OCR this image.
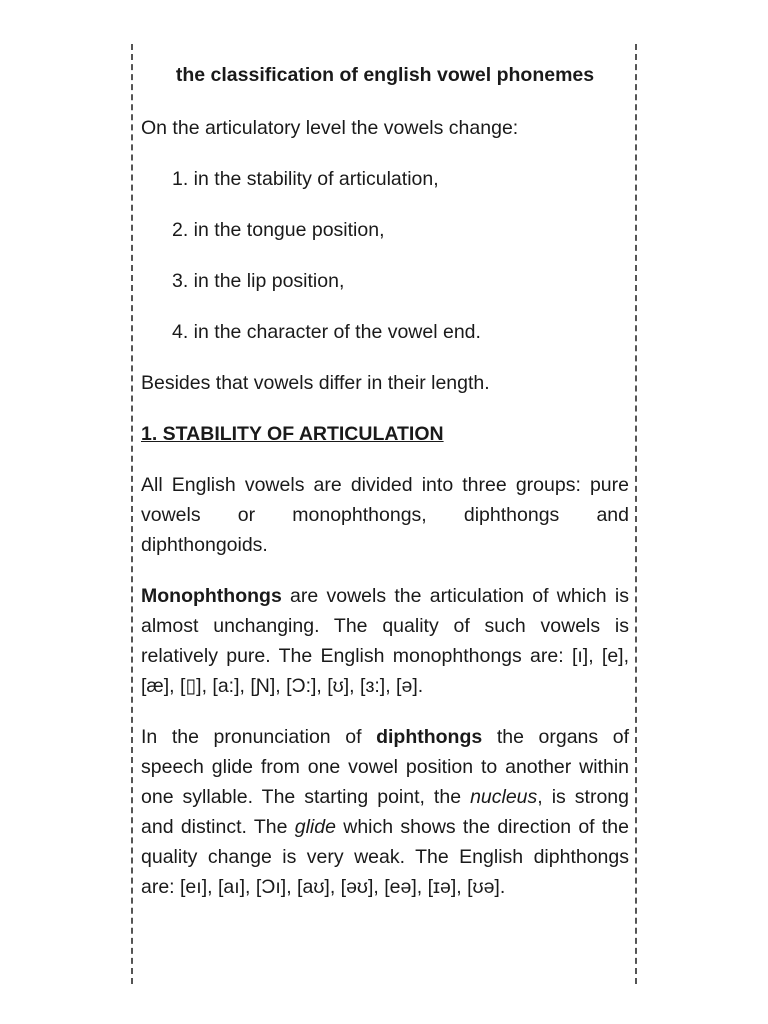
the classification of english vowel phonemes

On the articulatory level the vowels change:

1. in the stability of articulation,
2. in the tongue position,
3. in the lip position,
4. in the character of the vowel end.

Besides that vowels differ in their length.

1. STABILITY OF ARTICULATION

All English vowels are divided into three groups: pure vowels or monophthongs, diphthongs and diphthongoids.

Monophthongs are vowels the articulation of which is almost unchanging. The quality of such vowels is relatively pure. The English monophthongs are: [ı], [e], [æ], [▯], [a:], [Ɲ], [Ɔ:], [ʊ], [ɜ:], [ə].

In the pronunciation of diphthongs the organs of speech glide from one vowel position to another within one syllable. The starting point, the nucleus, is strong and distinct. The glide which shows the direction of the quality change is very weak. The English diphthongs are: [eı], [aı], [Ɔı], [aʊ], [əʊ], [eə], [ɪə], [ʊə].
